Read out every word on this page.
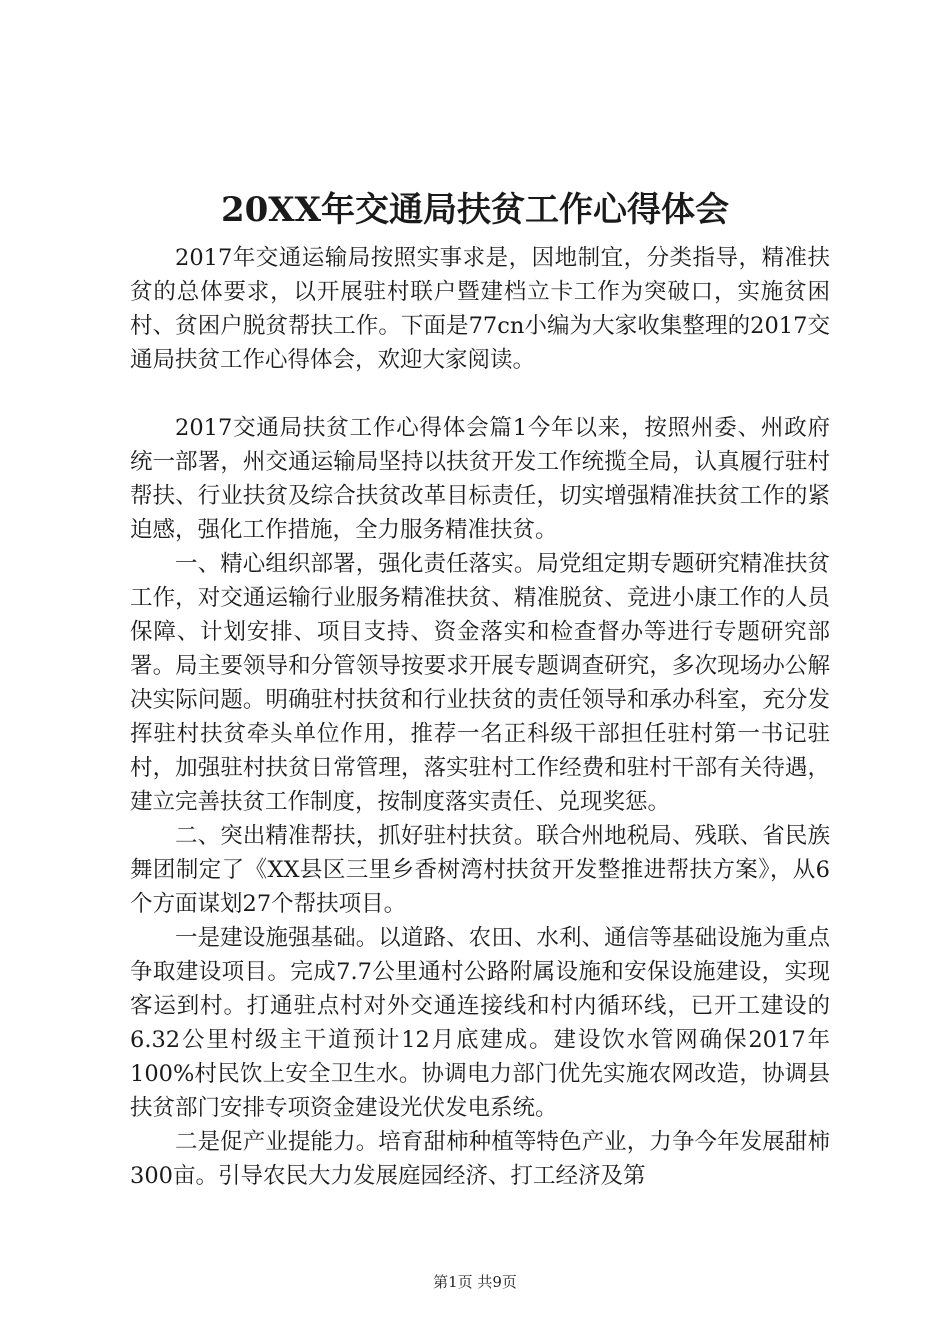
20XX年交通局扶贫工作心得体会

2017年交通运输局按照实事求是，因地制宜，分类指导，精准扶贫的总体要求，以开展驻村联户暨建档立卡工作为突破口，实施贫困村、贫困户脱贫帮扶工作。下面是77cn小编为大家收集整理的2017交通局扶贫工作心得体会，欢迎大家阅读。

2017交通局扶贫工作心得体会篇1今年以来，按照州委、州政府统一部署，州交通运输局坚持以扶贫开发工作统揽全局，认真履行驻村帮扶、行业扶贫及综合扶贫改革目标责任，切实增强精准扶贫工作的紧迫感，强化工作措施，全力服务精准扶贫。

一、精心组织部署，强化责任落实。局党组定期专题研究精准扶贫工作，对交通运输行业服务精准扶贫、精准脱贫、竞进小康工作的人员保障、计划安排、项目支持、资金落实和检查督办等进行专题研究部署。局主要领导和分管领导按要求开展专题调查研究，多次现场办公解决实际问题。明确驻村扶贫和行业扶贫的责任领导和承办科室，充分发挥驻村扶贫牵头单位作用，推荐一名正科级干部担任驻村第一书记驻村，加强驻村扶贫日常管理，落实驻村工作经费和驻村干部有关待遇，建立完善扶贫工作制度，按制度落实责任、兑现奖惩。

二、突出精准帮扶，抓好驻村扶贫。联合州地税局、残联、省民族舞团制定了《XX县区三里乡香树湾村扶贫开发整推进帮扶方案》，从6个方面谋划27个帮扶项目。

一是建设施强基础。以道路、农田、水利、通信等基础设施为重点争取建设项目。完成7.7公里通村公路附属设施和安保设施建设，实现客运到村。打通驻点村对外交通连接线和村内循环线，已开工建设的6.32公里村级主干道预计12月底建成。建设饮水管网确保2017年100%村民饮上安全卫生水。协调电力部门优先实施农网改造，协调县扶贫部门安排专项资金建设光伏发电系统。

二是促产业提能力。培育甜柿种植等特色产业，力争今年发展甜柿300亩。引导农民大力发展庭园经济、打工经济及第

第1页 共9页
